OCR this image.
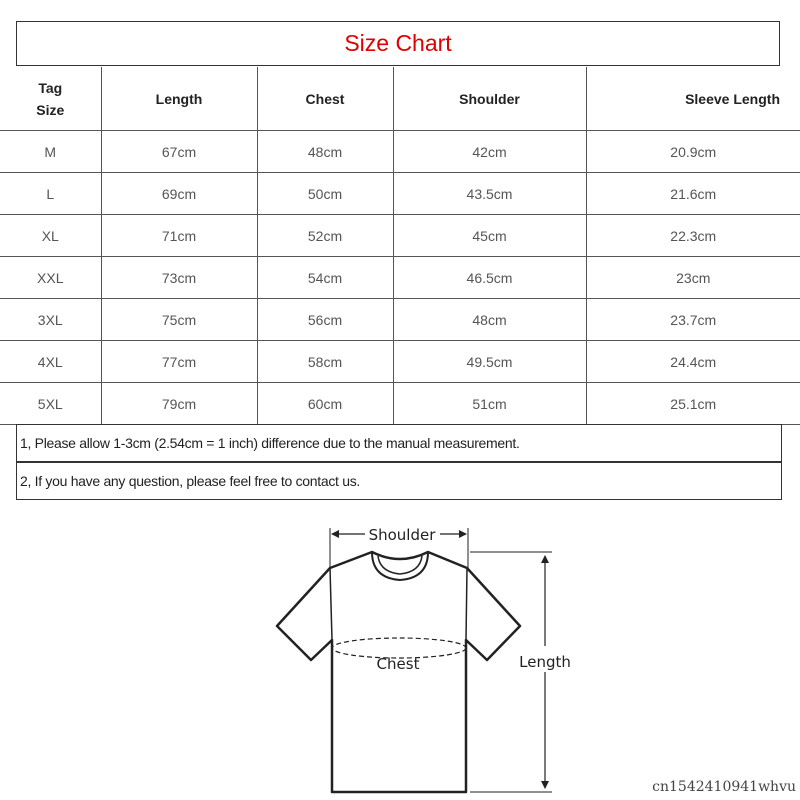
Size Chart
Tag
Size	Length	Chest	Shoulder	Sleeve Length
M	67cm	48cm	42cm	20.9cm
L	69cm	50cm	43.5cm	21.6cm
XL	71cm	52cm	45cm	22.3cm
XXL	73cm	54cm	46.5cm	23cm
3XL	75cm	56cm	48cm	23.7cm
4XL	77cm	58cm	49.5cm	24.4cm
5XL	79cm	60cm	51cm	25.1cm
1, Please allow 1-3cm (2.54cm = 1 inch) difference due to the manual measurement.
2, If you have any question, please feel free to contact us.
Shoulder
Chest	Length
cn1542410941whvu
